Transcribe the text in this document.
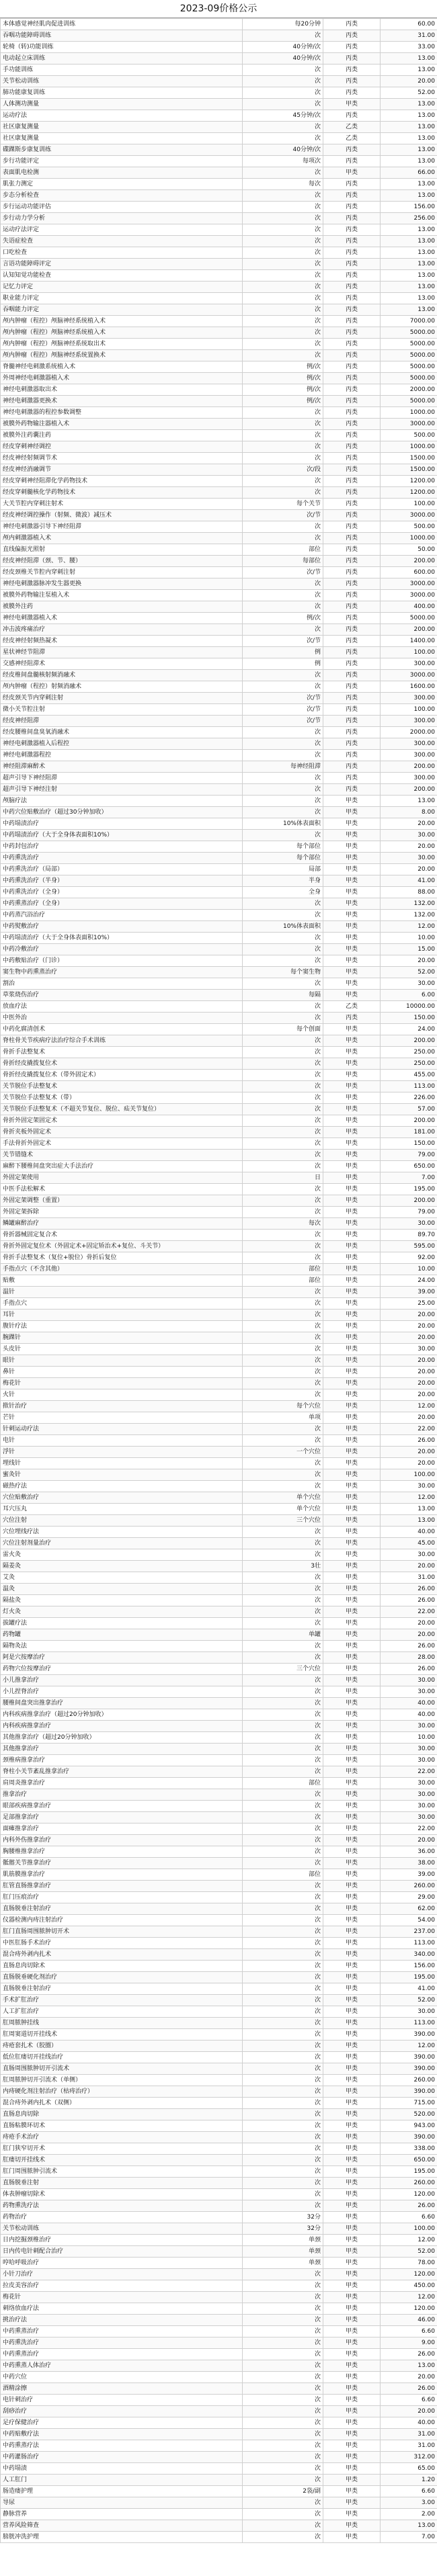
2023-09价格公示
本体感觉神经肌肉促进训练	每20分钟	丙类	60.00
吞咽功能障碍训练	次	丙类	31.00
轮椅（转)功能训练	40分钟/次	丙类	33.00
电动起立床训练	40分钟/次	丙类	13.00
手功能训练	次	丙类	13.00
关节松动训练	次	丙类	20.00
肺功能康复训练	次	丙类	52.00
人体测功测量	次	甲类	13.00
运动疗法	45分钟/次	丙类	13.00
社区康复测量	次	乙类	13.00
社区康复测量	次	乙类	13.00
碟踝斯步康复训练	40分钟/次	丙类	13.00
步行功能评定	每项次	丙类	13.00
表面肌电检测	次	甲类	66.00
肌张力测定	每次	丙类	13.00
步态分析检查	次	丙类	13.00
步行运动功能评估	次	丙类	156.00
步行动力学分析	次	丙类	256.00
运动疗法评定	次	丙类	13.00
失语症检查	次	丙类	13.00
口吃检查	次	丙类	13.00
言语功能障碍评定	次	丙类	13.00
认知知觉功能检查	次	丙类	13.00
记忆力评定	次	丙类	13.00
职业能力评定	次	丙类	13.00
吞咽能力评定	次	丙类	13.00
颅内肿瘤（程控）颅脑神经系统植入术	次	丙类	7000.00
颅内肿瘤（程控）颅脑神经系统植入术	次	丙类	5000.00
颅内肿瘤（程控）颅脑神经系统取出术	次	丙类	5000.00
颅内肿瘤（程控）颅脑神经系统置换术	次	丙类	5000.00
脊髓神经电刺激系统植入术	例/次	丙类	5000.00
外周神经电刺激器植入术	例/次	丙类	5000.00
神经电刺激器取出术	例/次	丙类	2000.00
神经电刺激器更换术	例/次	丙类	5000.00
神经电刺激器的程控参数调整	次	丙类	1000.00
被膜外药物输注器植入术	次	丙类	3000.00
被膜外注药囊注药	次	丙类	500.00
经皮穿刺神经调控	次	丙类	1000.00
经皮神经射频调节术	次	丙类	1500.00
经皮神经消融调节	次/段	丙类	1500.00
经皮穿刺神经阻滞化学药物技术	次	丙类	1200.00
经皮穿刺髓核化学药物技术	次	丙类	1200.00
大关节腔内穿刺注射术	每个关节	丙类	100.00
经皮神经调控操作（射频、微波）减压术	次/节	丙类	3000.00
神经电刺激器引导下神经阻滞	次	丙类	500.00
颅内刺激器植入术	次	丙类	1000.00
直线偏振光照射	部位	丙类	50.00
经皮神经阻滞（颈、节、腰）	每部位	丙类	200.00
经皮颈椎关节腔内穿刺注射	次/节	丙类	600.00
神经电刺激器脉冲发生器更换	次	丙类	3000.00
被膜外药物输注泵植入术	次	丙类	3000.00
被膜外注药	次	丙类	400.00
神经电刺激器植入术	例/次	丙类	5000.00
冲击波疼痛治疗	次	丙类	200.00
经皮神经射频热凝术	次/节	丙类	1400.00
星状神经节阻滞	例	丙类	100.00
交感神经阻滞术	例	丙类	300.00
经皮椎间盘髓核射频消融术	次	丙类	3000.00
颅内肿瘤（程控）射频消融术	次	丙类	1600.00
经皮颈关节内穿刺注射	次/节	丙类	300.00
微小关节腔注射	次/节	丙类	100.00
经皮神经阻滞	次/节	丙类	300.00
经皮腰椎间盘臭氧消融术	次	丙类	2000.00
神经电刺激器植入后程控	次	丙类	300.00
神经电刺激器程控	次	丙类	300.00
神经阻滞麻醉术	每神经阻滞	丙类	200.00
超声引导下神经阻滞	次	丙类	300.00
超声引导下神经注射	次	丙类	200.00
颅脑疗法	次	甲类	13.00
中药穴位贴敷治疗（超过30分钟加收）	次	甲类	8.00
中药塌渍治疗	10%体表面积	甲类	20.00
中药塌渍治疗（大于全身体表面积10%）	次	甲类	30.00
中药封包治疗	每个部位	甲类	20.00
中药熏洗治疗	每个部位	甲类	30.00
中药熏洗治疗（局部）	局部	甲类	20.00
中药熏洗治疗（半身）	半身	甲类	41.00
中药熏洗治疗（全身）	全身	甲类	88.00
中药熏蒸治疗（全身）	次	甲类	132.00
中药蒸汽浴治疗	次	甲类	132.00
中药熨敷治疗	10%体表面积	甲类	12.00
中药塌渍治疗（大于全身体表面积10%）	次	甲类	10.00
中药冷敷治疗	次	甲类	15.00
中药敷贴治疗（门诊）	次	甲类	20.00
窦生物中药熏蒸治疗	每个窦生物	甲类	52.00
割治	次	甲类	30.00
草浆烧伤治疗	每隔	甲类	6.00
放血疗法	次	乙类	10000.00
中医外治	次	丙类	150.00
中药化腐清创术	每个创面	甲类	24.00
脊柱骨关节疾病疗法治疗综合手术训练	次	甲类	200.00
骨折手法整复术	次	甲类	250.00
骨折经皮撬拨复位术	次	甲类	250.00
骨折经皮撬拨复位术（带外固定术）	次	甲类	455.00
关节脱位手法整复术	次	甲类	113.00
关节脱位手法整复术（带）	次	甲类	226.00
关节脱位手法整复术（不超关节复位、脱位、疝关节复位）	次	甲类	57.00
骨折外固定架固定术	次	甲类	200.00
骨折夹板外固定术	次	甲类	181.00
手法骨折外固定术	次	甲类	150.00
关节错缝术	次	甲类	79.00
麻醉下腰椎间盘突出症大手法治疗	次	甲类	650.00
外固定架使用	日	甲类	7.00
中医手法松解术	次	甲类	195.00
外固定架调整（重置）	次	甲类	200.00
外固定架拆除	次	甲类	79.00
鳞罐麻醉治疗	每次	甲类	30.00
骨折器械固定复合术	次	甲类	89.70
骨折外固定复位术（外固定术+固定矫治术+复位、斗关节）	次	甲类	595.00
骨折手法整复术（复位+脱位）骨折后复位	次	甲类	92.00
手指点穴（不含其他）	部位	甲类	10.00
贴敷	部位	甲类	24.00
温针	次	甲类	39.00
手指点穴	次	甲类	25.00
耳针	次	甲类	20.00
腹针疗法	次	甲类	20.00
腕踝针	次	甲类	20.00
头皮针	次	甲类	30.00
眼针	次	甲类	20.00
鼻针	次	甲类	20.00
梅花针	次	甲类	20.00
火针	次	甲类	20.00
揿针治疗	每个穴位	甲类	12.00
芒针	单项	甲类	20.00
针刺运动疗法	次	甲类	22.00
电针	次	甲类	26.00
浮针	一个穴位	甲类	20.00
埋线针	次	甲类	20.00
蜜灸针	次	甲类	100.00
磁热疗法	次	甲类	30.00
穴位贴敷治疗	单个穴位	甲类	12.00
耳穴压丸	单个穴位	甲类	13.00
穴位注射	三个穴位	甲类	13.00
穴位埋线疗法	次	甲类	40.00
穴位注射剂量治疗	次	甲类	45.00
雷火灸	次	甲类	30.00
隔姜灸	3壮	甲类	20.00
艾灸	次	甲类	31.00
温灸	次	甲类	26.00
隔盐灸	次	甲类	26.00
灯火灸	次	甲类	22.00
拔罐疗法	次	甲类	20.00
药物罐	单罐	甲类	20.00
隔物灸法	次	甲类	26.00
阿是穴按摩治疗	次	甲类	28.00
药物穴位按摩治疗	三个穴位	甲类	26.00
小儿推拿治疗	次	甲类	30.00
小儿捏脊治疗	次	甲类	30.00
腰椎间盘突出推拿治疗	次	甲类	40.00
内科疾病推拿治疗（超过20分钟加收）	次	甲类	40.00
内科疾病推拿治疗	次	甲类	30.00
其他推拿治疗（超过20分钟加收）	次	甲类	10.00
其他推拿治疗	次	甲类	30.00
颈椎病推拿治疗	次	甲类	30.00
脊柱小关节紊乱推拿治疗	次	甲类	22.00
肩周炎推拿治疗	部位	甲类	30.00
推拿治疗	次	甲类	30.00
眼部疾病推拿治疗	次	甲类	30.00
足部推拿治疗	次	甲类	30.00
面瘫推拿治疗	次	甲类	22.00
内科外伤推拿治疗	次	甲类	20.00
胸腰椎推拿治疗	次	甲类	36.00
骶髂关节推拿治疗	次	甲类	38.00
肌筋膜推拿治疗	部位	甲类	39.00
肛管直肠推拿治疗	次	甲类	260.00
肛门压痕治疗	次	甲类	29.00
直肠脱垂注射治疗	次	甲类	62.00
仪器检测内痔注射治疗	次	甲类	54.00
肛门直肠周围脓肿切开术	次	甲类	237.00
中医肛肠手术治疗	次	甲类	113.00
混合痔外剥内扎术	次	甲类	340.00
直肠息肉切除术	次	甲类	156.00
直肠脱垂硬化剂治疗	次	甲类	195.00
直肠脱垂注射治疗	次	甲类	41.00
手术扩肛治疗	次	甲类	52.00
人工扩肛治疗	次	甲类	30.00
肛周脓肿挂线	次	甲类	113.00
肛周窦道切开挂线术	次	甲类	390.00
痔疮套扎术（胶圈）	次	甲类	12.00
低位肛瘘切开挂线治疗	次	甲类	390.00
直肠周围脓肿切开引流术	次	甲类	390.00
肛周脓肿切开引流术（单侧）	次	甲类	260.00
内痔硬化剂注射治疗（枯痔治疗）	次	甲类	390.00
混合痔外剥内扎术（双侧）	次	甲类	715.00
直肠息肉切除	次	甲类	520.00
直肠粘膜环切术	次	甲类	943.00
痔疮手术治疗	次	甲类	390.00
肛门狭窄切开术	次	甲类	338.00
肛瘘切开挂线术	次	甲类	650.00
肛门周围脓肿引流术	次	甲类	195.00
直肠脱垂注射	次	甲类	260.00
体表肿瘤切除术	次	甲类	120.00
药物熏洗疗法	次	甲类	26.00
药物治疗	32分	甲类	6.60
关节松动训练	32分	甲类	100.00
日内挖掘颈椎治疗	单颈	甲类	12.00
日内传电针刺配合治疗	单颈	甲类	52.00
哼哈呼吸治疗	单颈	甲类	78.00
小针刀治疗	次	甲类	120.00
拉皮美容治疗	次	甲类	450.00
梅花针	次	甲类	12.00
刺络放血疗法	次	甲类	120.00
挑治疗法	次	甲类	46.00
中药熏蒸治疗	次	甲类	6.60
中药熏洗治疗	次	甲类	9.00
中药熏蒸治疗	次	甲类	26.00
中药熏蒸人体治疗	次	甲类	13.00
中药穴位	次	甲类	20.00
酒精涂擦	次	甲类	26.00
电针刺治疗	次	甲类	6.60
刮痧治疗	次	甲类	20.00
足疗保健治疗	次	甲类	40.00
中药贴敷疗法	次	甲类	31.00
中药熏蒸疗法	次	甲类	31.00
中药灌肠治疗	次	甲类	312.00
中药塌渍	次	甲类	65.00
人工肛门	次	甲类	1.20
肠造瘘护理	2袋/副	甲类	6.60
导尿	次	甲类	3.00
静脉营养	次	甲类	2.00
营养风险筛查	次	甲类	13.00
膀胱冲洗护理	次	甲类	7.00
